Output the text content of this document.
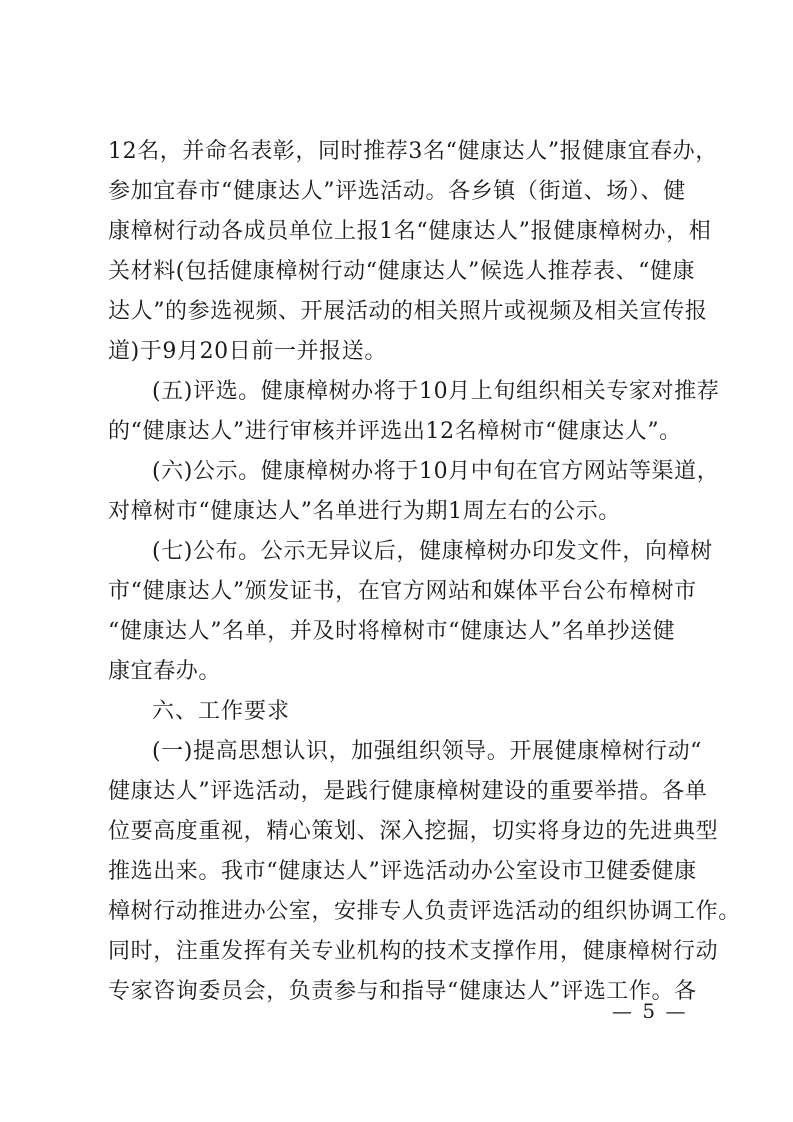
12名，并命名表彰，同时推荐3名“健康达人”报健康宜春办，
参加宜春市“健康达人”评选活动。各乡镇（街道、场）、健
康樟树行动各成员单位上报1名“健康达人”报健康樟树办，相
关材料(包括健康樟树行动“健康达人”候选人推荐表、“健康
达人”的参选视频、开展活动的相关照片或视频及相关宣传报
道)于9月20日前一并报送。
(五)评选。健康樟树办将于10月上旬组织相关专家对推荐
的“健康达人”进行审核并评选出12名樟树市“健康达人”。
(六)公示。健康樟树办将于10月中旬在官方网站等渠道，
对樟树市“健康达人”名单进行为期1周左右的公示。
(七)公布。公示无异议后，健康樟树办印发文件，向樟树
市“健康达人”颁发证书，在官方网站和媒体平台公布樟树市
“健康达人”名单，并及时将樟树市“健康达人”名单抄送健
康宜春办。
六、工作要求
(一)提高思想认识，加强组织领导。开展健康樟树行动“
健康达人”评选活动，是践行健康樟树建设的重要举措。各单
位要高度重视，精心策划、深入挖掘，切实将身边的先进典型
推选出来。我市“健康达人”评选活动办公室设市卫健委健康
樟树行动推进办公室，安排专人负责评选活动的组织协调工作。
同时，注重发挥有关专业机构的技术支撑作用，健康樟树行动
专家咨询委员会，负责参与和指导“健康达人”评选工作。各
— 5 —
